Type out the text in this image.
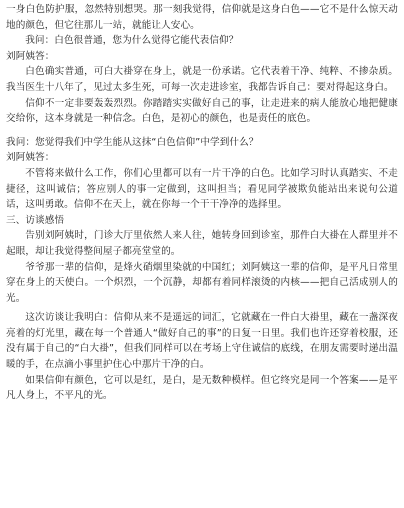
一身白色防护服，忽然特别想哭。那一刻我觉得，信仰就是这身白色——它不是什么惊天动地的颜色，但它往那儿一站，就能让人安心。

我问：白色很普通，您为什么觉得它能代表信仰？

刘阿姨答：

白色确实普通，可白大褂穿在身上，就是一份承诺。它代表着干净、纯粹、不掺杂质。我当医生十八年了，见过太多生死，可每一次走进诊室，我都告诉自己：要对得起这身白。

信仰不一定非要轰轰烈烈。你踏踏实实做好自己的事，让走进来的病人能放心地把健康交给你，这本身就是一种信念。白色，是初心的颜色，也是责任的底色。

我问：您觉得我们中学生能从这抹“白色信仰”中学到什么？

刘阿姨答：

不管将来做什么工作，你们心里都可以有一片干净的白色。比如学习时认真踏实、不走捷径，这叫诚信；答应别人的事一定做到，这叫担当；看见同学被欺负能站出来说句公道话，这叫勇敢。信仰不在天上，就在你每一个干干净净的选择里。

三、访谈感悟

告别刘阿姨时，门诊大厅里依然人来人往，她转身回到诊室，那件白大褂在人群里并不起眼，却让我觉得整间屋子都亮堂堂的。

爷爷那一辈的信仰，是烽火硝烟里染就的中国红；刘阿姨这一辈的信仰，是平凡日常里穿在身上的天使白。一个炽烈，一个沉静，却都有着同样滚烫的内核——把自己活成别人的光。

这次访谈让我明白：信仰从来不是遥远的词汇，它就藏在一件白大褂里，藏在一盏深夜亮着的灯光里，藏在每一个普通人“做好自己的事”的日复一日里。我们也许还穿着校服，还没有属于自己的“白大褂”，但我们同样可以在考场上守住诚信的底线，在朋友需要时递出温暖的手，在点滴小事里护住心中那片干净的白。

如果信仰有颜色，它可以是红，是白，是无数种模样。但它终究是同一个答案——是平凡人身上，不平凡的光。
